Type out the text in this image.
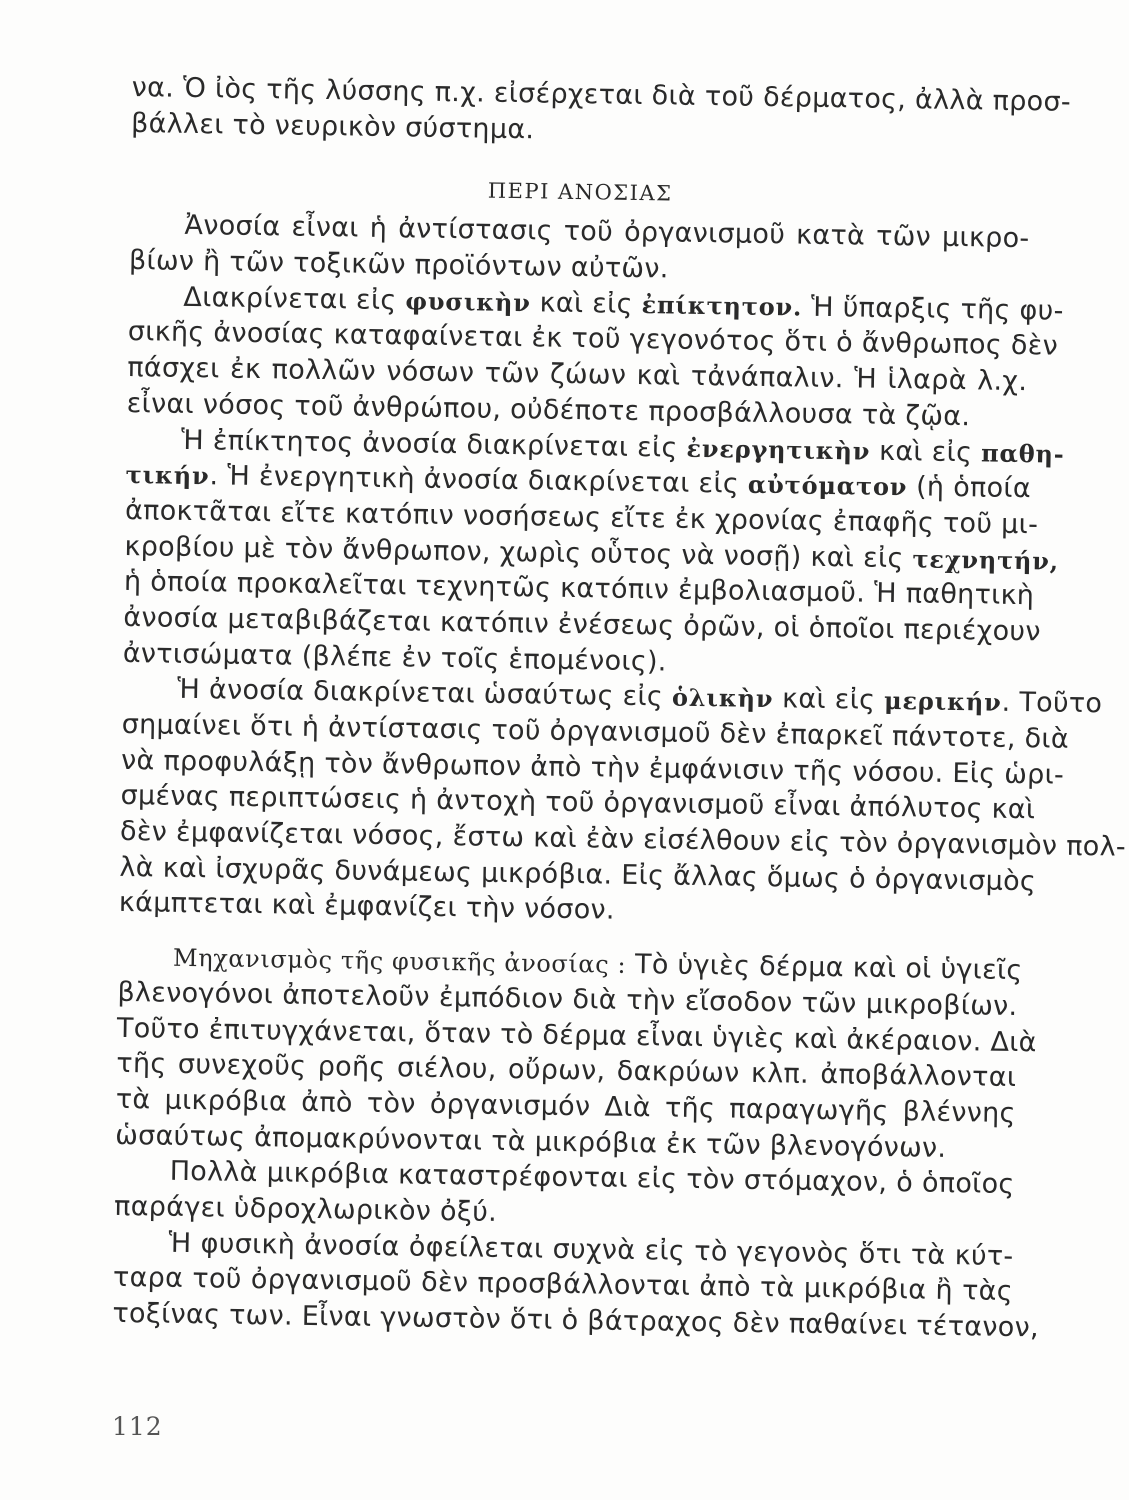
να. Ὁ ἰὸς τῆς λύσσης π.χ. εἰσέρχεται διὰ τοῦ δέρματος, ἀλλὰ προσ-
βάλλει τὸ νευρικὸν σύστημα.
ΠΕΡΙ ΑΝΟΣΙΑΣ
Ἀνοσία εἶναι ἡ ἀντίστασις τοῦ ὀργανισμοῦ κατὰ τῶν μικρο-
βίων ἢ τῶν τοξικῶν προϊόντων αὐτῶν.
Διακρίνεται εἰς φυσικὴν καὶ εἰς ἐπίκτητον. Ἡ ὕπαρξις τῆς φυ-
σικῆς ἀνοσίας καταφαίνεται ἐκ τοῦ γεγονότος ὅτι ὁ ἄνθρωπος δὲν
πάσχει ἐκ πολλῶν νόσων τῶν ζώων καὶ τἀνάπαλιν. Ἡ ἱλαρὰ λ.χ.
εἶναι νόσος τοῦ ἀνθρώπου, οὐδέποτε προσβάλλουσα τὰ ζῷα.
Ἡ ἐπίκτητος ἀνοσία διακρίνεται εἰς ἐνεργητικὴν καὶ εἰς παθη-
τικήν. Ἡ ἐνεργητικὴ ἀνοσία διακρίνεται εἰς αὐτόματον (ἡ ὁποία
ἀποκτᾶται εἴτε κατόπιν νοσήσεως εἴτε ἐκ χρονίας ἐπαφῆς τοῦ μι-
κροβίου μὲ τὸν ἄνθρωπον, χωρὶς οὗτος νὰ νοσῇ) καὶ εἰς τεχνητήν,
ἡ ὁποία προκαλεῖται τεχνητῶς κατόπιν ἐμβολιασμοῦ. Ἡ παθητικὴ
ἀνοσία μεταβιβάζεται κατόπιν ἐνέσεως ὀρῶν, οἱ ὁποῖοι περιέχουν
ἀντισώματα (βλέπε ἐν τοῖς ἑπομένοις).
Ἡ ἀνοσία διακρίνεται ὡσαύτως εἰς ὁλικὴν καὶ εἰς μερικήν. Τοῦτο
σημαίνει ὅτι ἡ ἀντίστασις τοῦ ὀργανισμοῦ δὲν ἐπαρκεῖ πάντοτε, διὰ
νὰ προφυλάξῃ τὸν ἄνθρωπον ἀπὸ τὴν ἐμφάνισιν τῆς νόσου. Εἰς ὡρι-
σμένας περιπτώσεις ἡ ἀντοχὴ τοῦ ὀργανισμοῦ εἶναι ἀπόλυτος καὶ
δὲν ἐμφανίζεται νόσος, ἔστω καὶ ἐὰν εἰσέλθουν εἰς τὸν ὀργανισμὸν πολ-
λὰ καὶ ἰσχυρᾶς δυνάμεως μικρόβια. Εἰς ἄλλας ὅμως ὁ ὀργανισμὸς
κάμπτεται καὶ ἐμφανίζει τὴν νόσον.
Μηχανισμὸς τῆς φυσικῆς ἀνοσίας : Τὸ ὑγιὲς δέρμα καὶ οἱ ὑγιεῖς
βλενογόνοι ἀποτελοῦν ἐμπόδιον διὰ τὴν εἴσοδον τῶν μικροβίων.
Τοῦτο ἐπιτυγχάνεται, ὅταν τὸ δέρμα εἶναι ὑγιὲς καὶ ἀκέραιον. Διὰ
τῆς συνεχοῦς ροῆς σιέλου, οὔρων, δακρύων κλπ. ἀποβάλλονται
τὰ μικρόβια ἀπὸ τὸν ὀργανισμόν Διὰ τῆς παραγωγῆς βλέννης
ὡσαύτως ἀπομακρύνονται τὰ μικρόβια ἐκ τῶν βλενογόνων.
Πολλὰ μικρόβια καταστρέφονται εἰς τὸν στόμαχον, ὁ ὁποῖος
παράγει ὑδροχλωρικὸν ὀξύ.
Ἡ φυσικὴ ἀνοσία ὀφείλεται συχνὰ εἰς τὸ γεγονὸς ὅτι τὰ κύτ-
ταρα τοῦ ὀργανισμοῦ δὲν προσβάλλονται ἀπὸ τὰ μικρόβια ἢ τὰς
τοξίνας των. Εἶναι γνωστὸν ὅτι ὁ βάτραχος δὲν παθαίνει τέτανον,
112
